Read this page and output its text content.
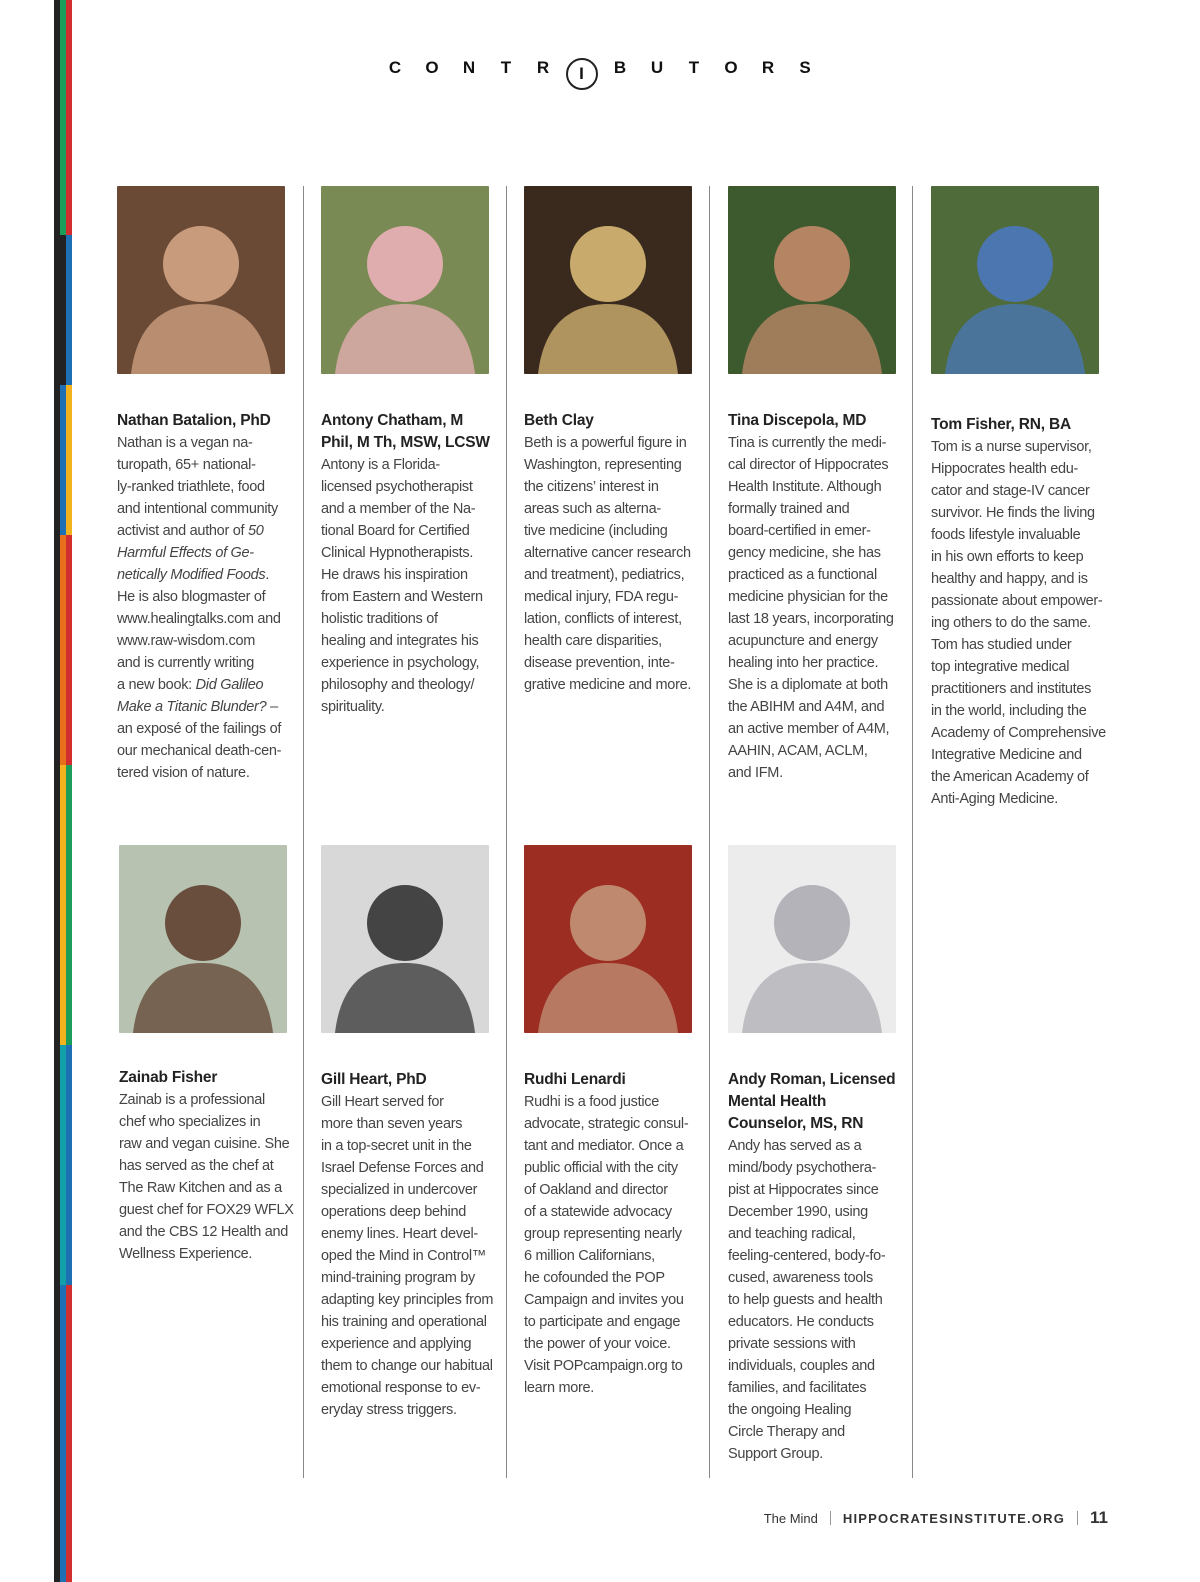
C	O	N	T	R	I	B	U	T	O	R	S
Nathan Batalion, PhD
Nathan is a vegan na-
turopath, 65+ national-
ly-ranked triathlete, food
and intentional community
activist and author of 50
Harmful Effects of Ge-
netically Modified Foods.
He is also blogmaster of
www.healingtalks.com and
www.raw-wisdom.com
and is currently writing
a new book: Did Galileo
Make a Titanic Blunder? –
an exposé of the failings of
our mechanical death-cen-
tered vision of nature.
Antony Chatham, M
Phil, M Th, MSW, LCSW
Antony is a Florida-
licensed psychotherapist
and a member of the Na-
tional Board for Certified
Clinical Hypnotherapists.
He draws his inspiration
from Eastern and Western
holistic traditions of
healing and integrates his
experience in psychology,
philosophy and theology/
spirituality.
Beth Clay
Beth is a powerful figure in
Washington, representing
the citizens’ interest in
areas such as alterna-
tive medicine (including
alternative cancer research
and treatment), pediatrics,
medical injury, FDA regu-
lation, conflicts of interest,
health care disparities,
disease prevention, inte-
grative medicine and more.
Tina Discepola, MD
Tina is currently the medi-
cal director of Hippocrates
Health Institute. Although
formally trained and
board-certified in emer-
gency medicine, she has
practiced as a functional
medicine physician for the
last 18 years, incorporating
acupuncture and energy
healing into her practice.
She is a diplomate at both
the ABIHM and A4M, and
an active member of A4M,
AAHIN, ACAM, ACLM,
and IFM.
Tom Fisher, RN, BA
Tom is a nurse supervisor,
Hippocrates health edu-
cator and stage-IV cancer
survivor. He finds the living
foods lifestyle invaluable
in his own efforts to keep
healthy and happy, and is
passionate about empower-
ing others to do the same.
Tom has studied under
top integrative medical
practitioners and institutes
in the world, including the
Academy of Comprehensive
Integrative Medicine and
the American Academy of
Anti-Aging Medicine.
Zainab Fisher
Zainab is a professional
chef who specializes in
raw and vegan cuisine. She
has served as the chef at
The Raw Kitchen and as a
guest chef for FOX29 WFLX
and the CBS 12 Health and
Wellness Experience.
Gill Heart, PhD
Gill Heart served for
more than seven years
in a top-secret unit in the
Israel Defense Forces and
specialized in undercover
operations deep behind
enemy lines. Heart devel-
oped the Mind in Control™
mind-training program by
adapting key principles from
his training and operational
experience and applying
them to change our habitual
emotional response to ev-
eryday stress triggers.
Rudhi Lenardi
Rudhi is a food justice
advocate, strategic consul-
tant and mediator. Once a
public official with the city
of Oakland and director
of a statewide advocacy
group representing nearly
6 million Californians,
he cofounded the POP
Campaign and invites you
to participate and engage
the power of your voice.
Visit POPcampaign.org to
learn more.
Andy Roman, Licensed
Mental Health
Counselor, MS, RN
Andy has served as a
mind/body psychothera-
pist at Hippocrates since
December 1990, using
and teaching radical,
feeling-centered, body-fo-
cused, awareness tools
to help guests and health
educators. He conducts
private sessions with
individuals, couples and
families, and facilitates
the ongoing Healing
Circle Therapy and
Support Group.
The Mind HIPPOCRATESINSTITUTE.ORG 11
